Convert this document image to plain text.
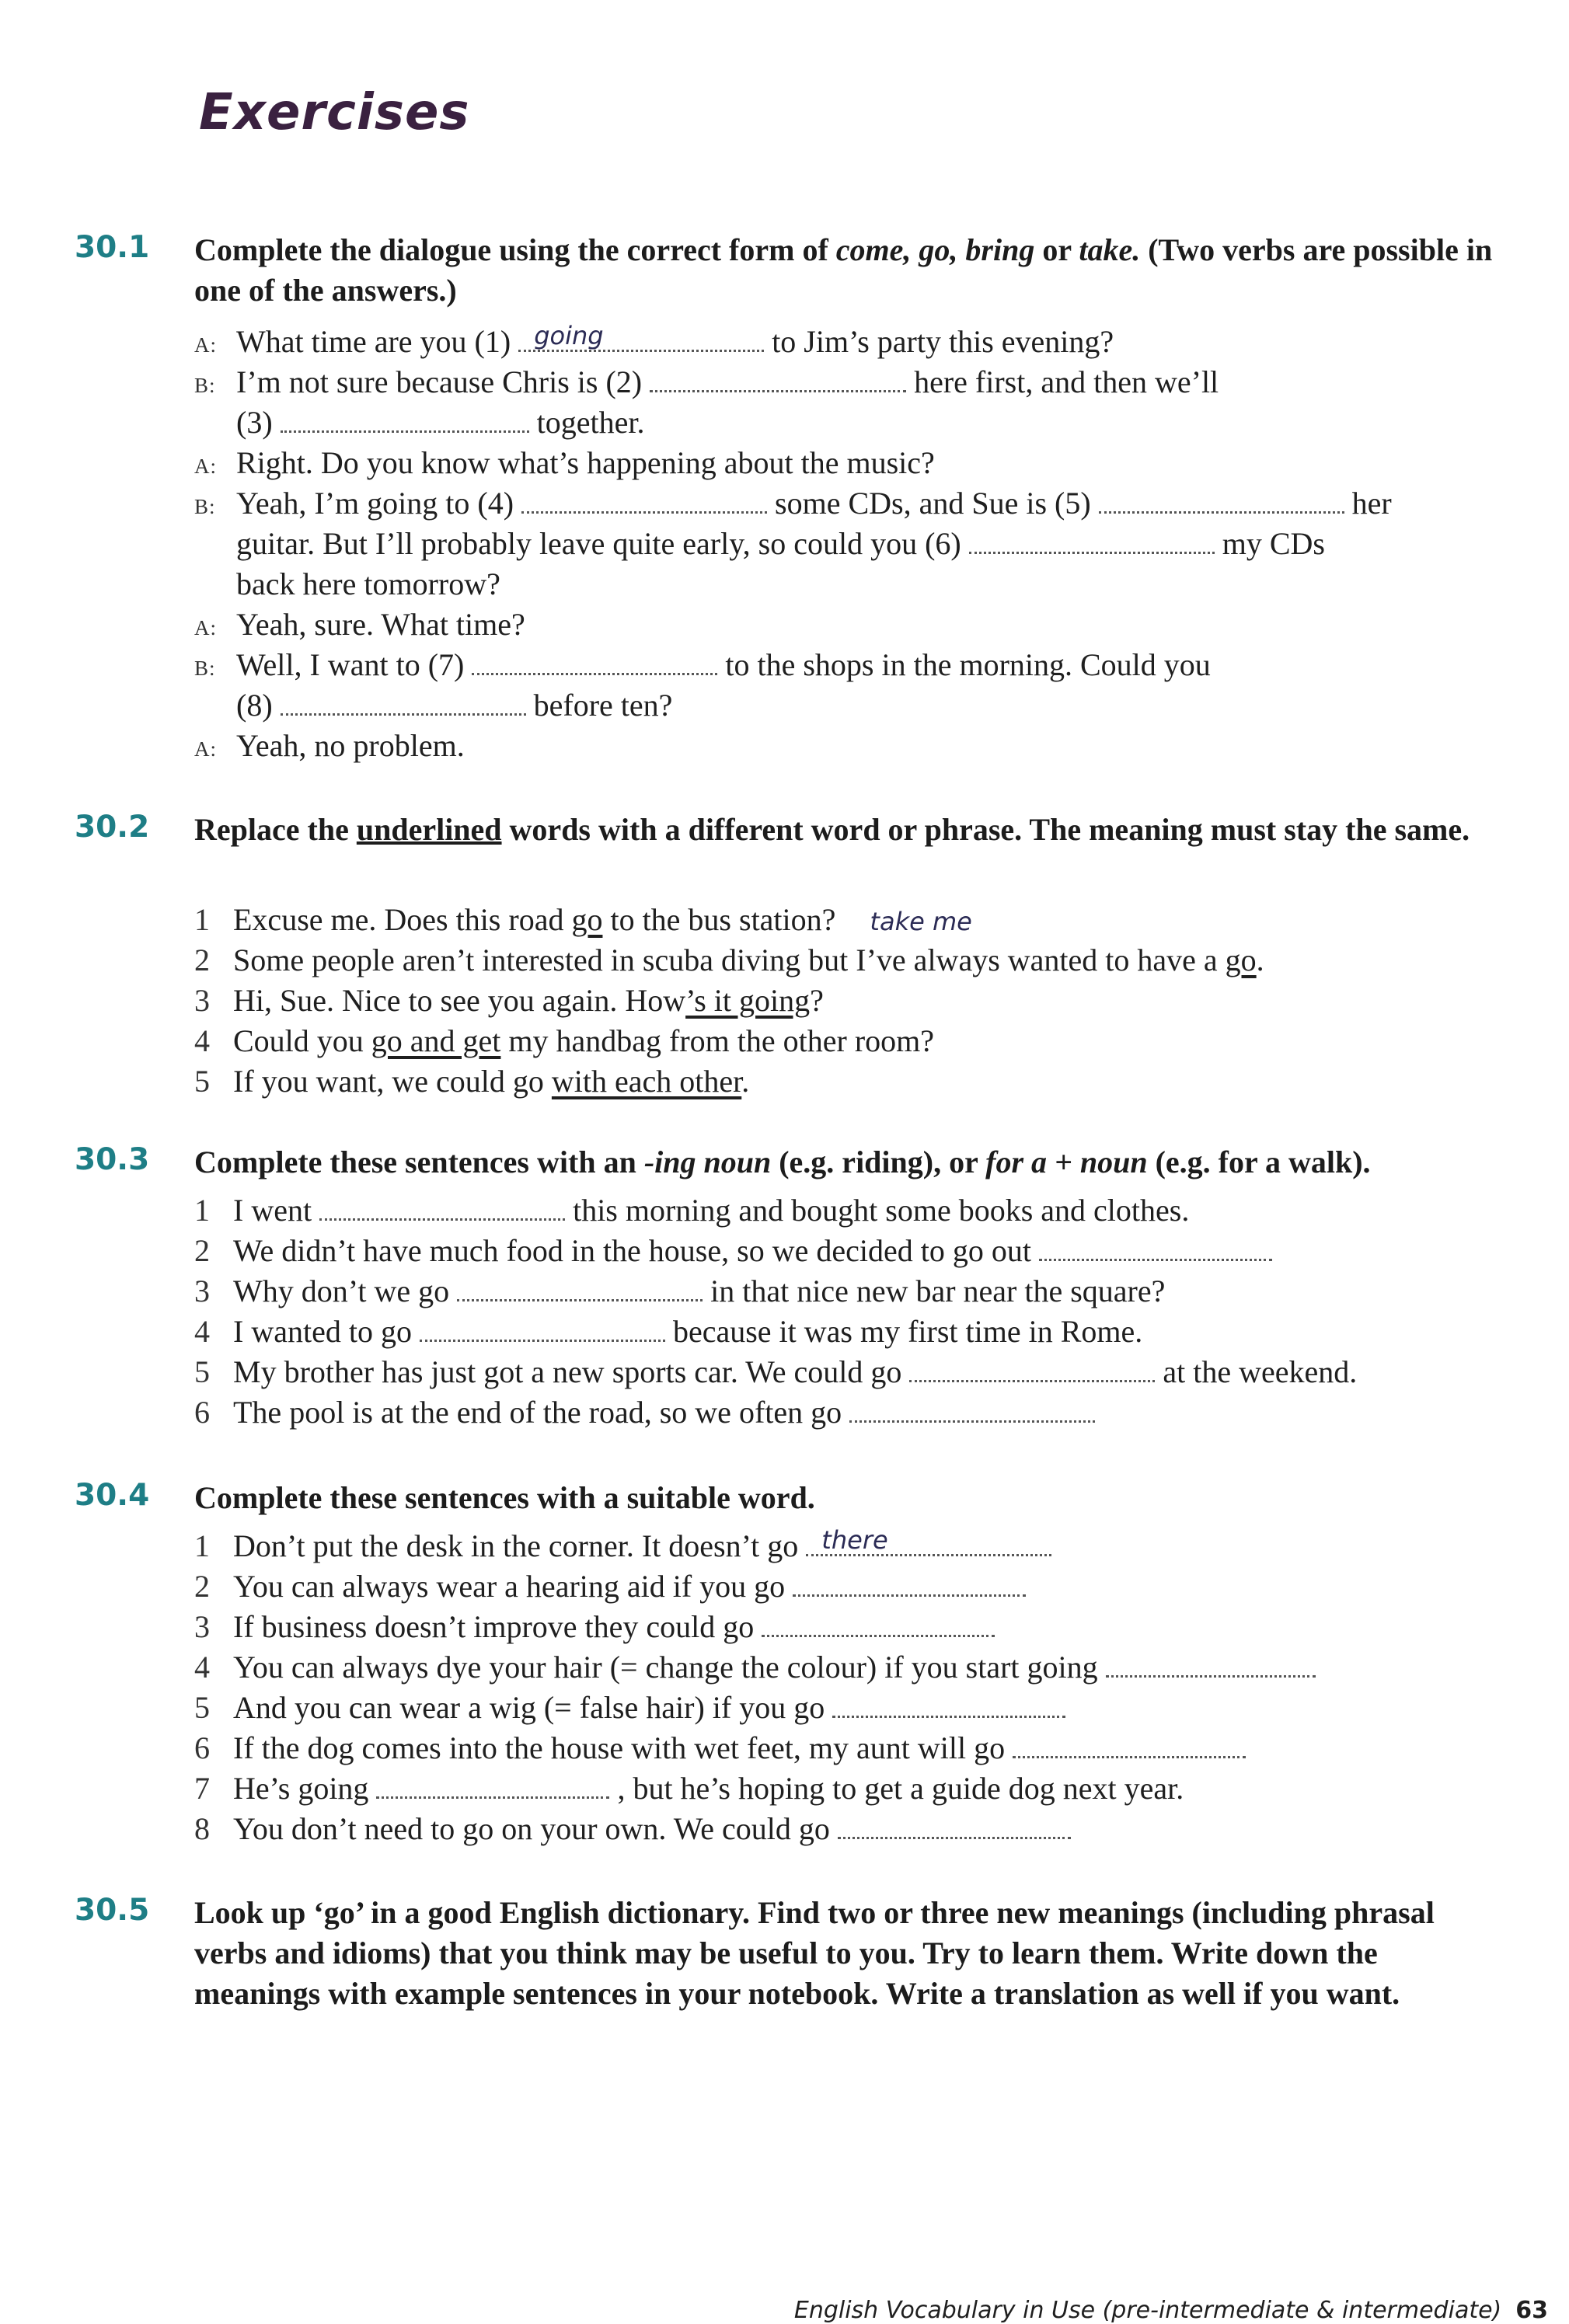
Exercises
30.1 Complete the dialogue using the correct form of come, go, bring or take. (Two verbs are possible in one of the answers.)
A: What time are you (1) going	to Jim’s party this evening?
B: I’m not sure because Chris is (2)	here first, and then we’ll
(3)	together.
A: Right. Do you know what’s happening about the music?
B: Yeah, I’m going to (4)	some CDs, and Sue is (5)	her
guitar. But I’ll probably leave quite early, so could you (6)	my CDs
back here tomorrow?
A: Yeah, sure. What time?
B: Well, I want to (7)	to the shops in the morning. Could you
(8)	before ten?
A: Yeah, no problem.
30.2 Replace the underlined words with a different word or phrase. The meaning must stay the same.
1 Excuse me. Does this road go to the bus station? take me
2 Some people aren’t interested in scuba diving but I’ve always wanted to have a go.
3 Hi, Sue. Nice to see you again. How’s it going?
4 Could you go and get my handbag from the other room?
5 If you want, we could go with each other.
30.3 Complete these sentences with an -ing noun (e.g. riding), or for a + noun (e.g. for a walk).
1 I went	this morning and bought some books and clothes.
2 We didn’t have much food in the house, so we decided to go out
3 Why don’t we go	in that nice new bar near the square?
4 I wanted to go	because it was my first time in Rome.
5 My brother has just got a new sports car. We could go	at the weekend.
6 The pool is at the end of the road, so we often go
30.4 Complete these sentences with a suitable word.
1 Don’t put the desk in the corner. It doesn’t go there
2 You can always wear a hearing aid if you go
3 If business doesn’t improve they could go
4 You can always dye your hair (= change the colour) if you start going
5 And you can wear a wig (= false hair) if you go
6 If the dog comes into the house with wet feet, my aunt will go
7 He’s going	, but he’s hoping to get a guide dog next year.
8 You don’t need to go on your own. We could go
30.5 Look up ‘go’ in a good English dictionary. Find two or three new meanings (including phrasal verbs and idioms) that you think may be useful to you. Try to learn them. Write down the meanings with example sentences in your notebook. Write a translation as well if you want.
English Vocabulary in Use (pre-intermediate & intermediate) 63
